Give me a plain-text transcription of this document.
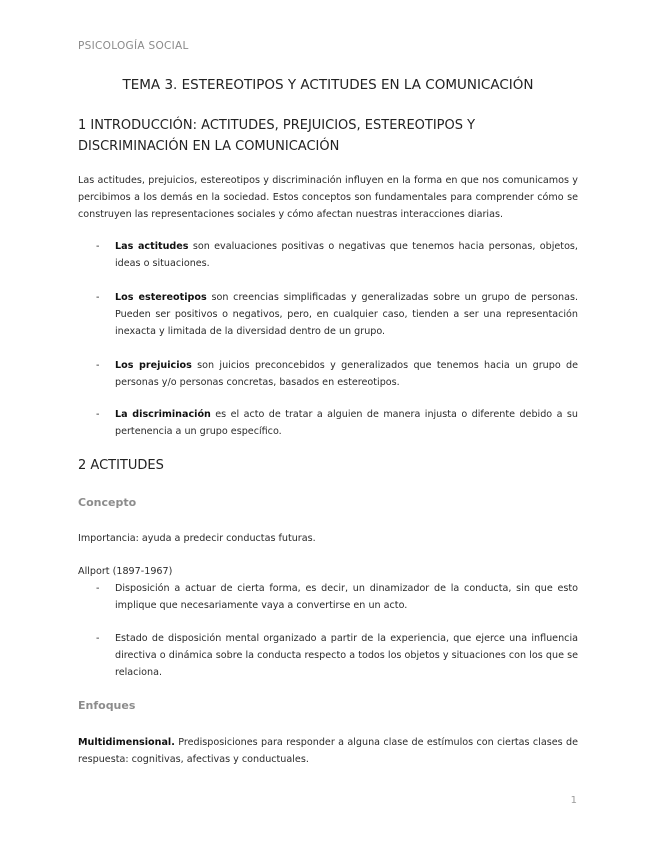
PSICOLOGÍA SOCIAL
TEMA 3. ESTEREOTIPOS Y ACTITUDES EN LA COMUNICACIÓN
1 INTRODUCCIÓN: ACTITUDES, PREJUICIOS, ESTEREOTIPOS Y DISCRIMINACIÓN EN LA COMUNICACIÓN
Las actitudes, prejuicios, estereotipos y discriminación influyen en la forma en que nos comunicamos y percibimos a los demás en la sociedad. Estos conceptos son fundamentales para comprender cómo se construyen las representaciones sociales y cómo afectan nuestras interacciones diarias.
- Las actitudes son evaluaciones positivas o negativas que tenemos hacia personas, objetos, ideas o situaciones.
- Los estereotipos son creencias simplificadas y generalizadas sobre un grupo de personas. Pueden ser positivos o negativos, pero, en cualquier caso, tienden a ser una representación inexacta y limitada de la diversidad dentro de un grupo.
- Los prejuicios son juicios preconcebidos y generalizados que tenemos hacia un grupo de personas y/o personas concretas, basados en estereotipos.
- La discriminación es el acto de tratar a alguien de manera injusta o diferente debido a su pertenencia a un grupo específico.
2 ACTITUDES
Concepto
Importancia: ayuda a predecir conductas futuras.
Allport (1897-1967)
- Disposición a actuar de cierta forma, es decir, un dinamizador de la conducta, sin que esto implique que necesariamente vaya a convertirse en un acto.
- Estado de disposición mental organizado a partir de la experiencia, que ejerce una influencia directiva o dinámica sobre la conducta respecto a todos los objetos y situaciones con los que se relaciona.
Enfoques
Multidimensional. Predisposiciones para responder a alguna clase de estímulos con ciertas clases de respuesta: cognitivas, afectivas y conductuales.
1
